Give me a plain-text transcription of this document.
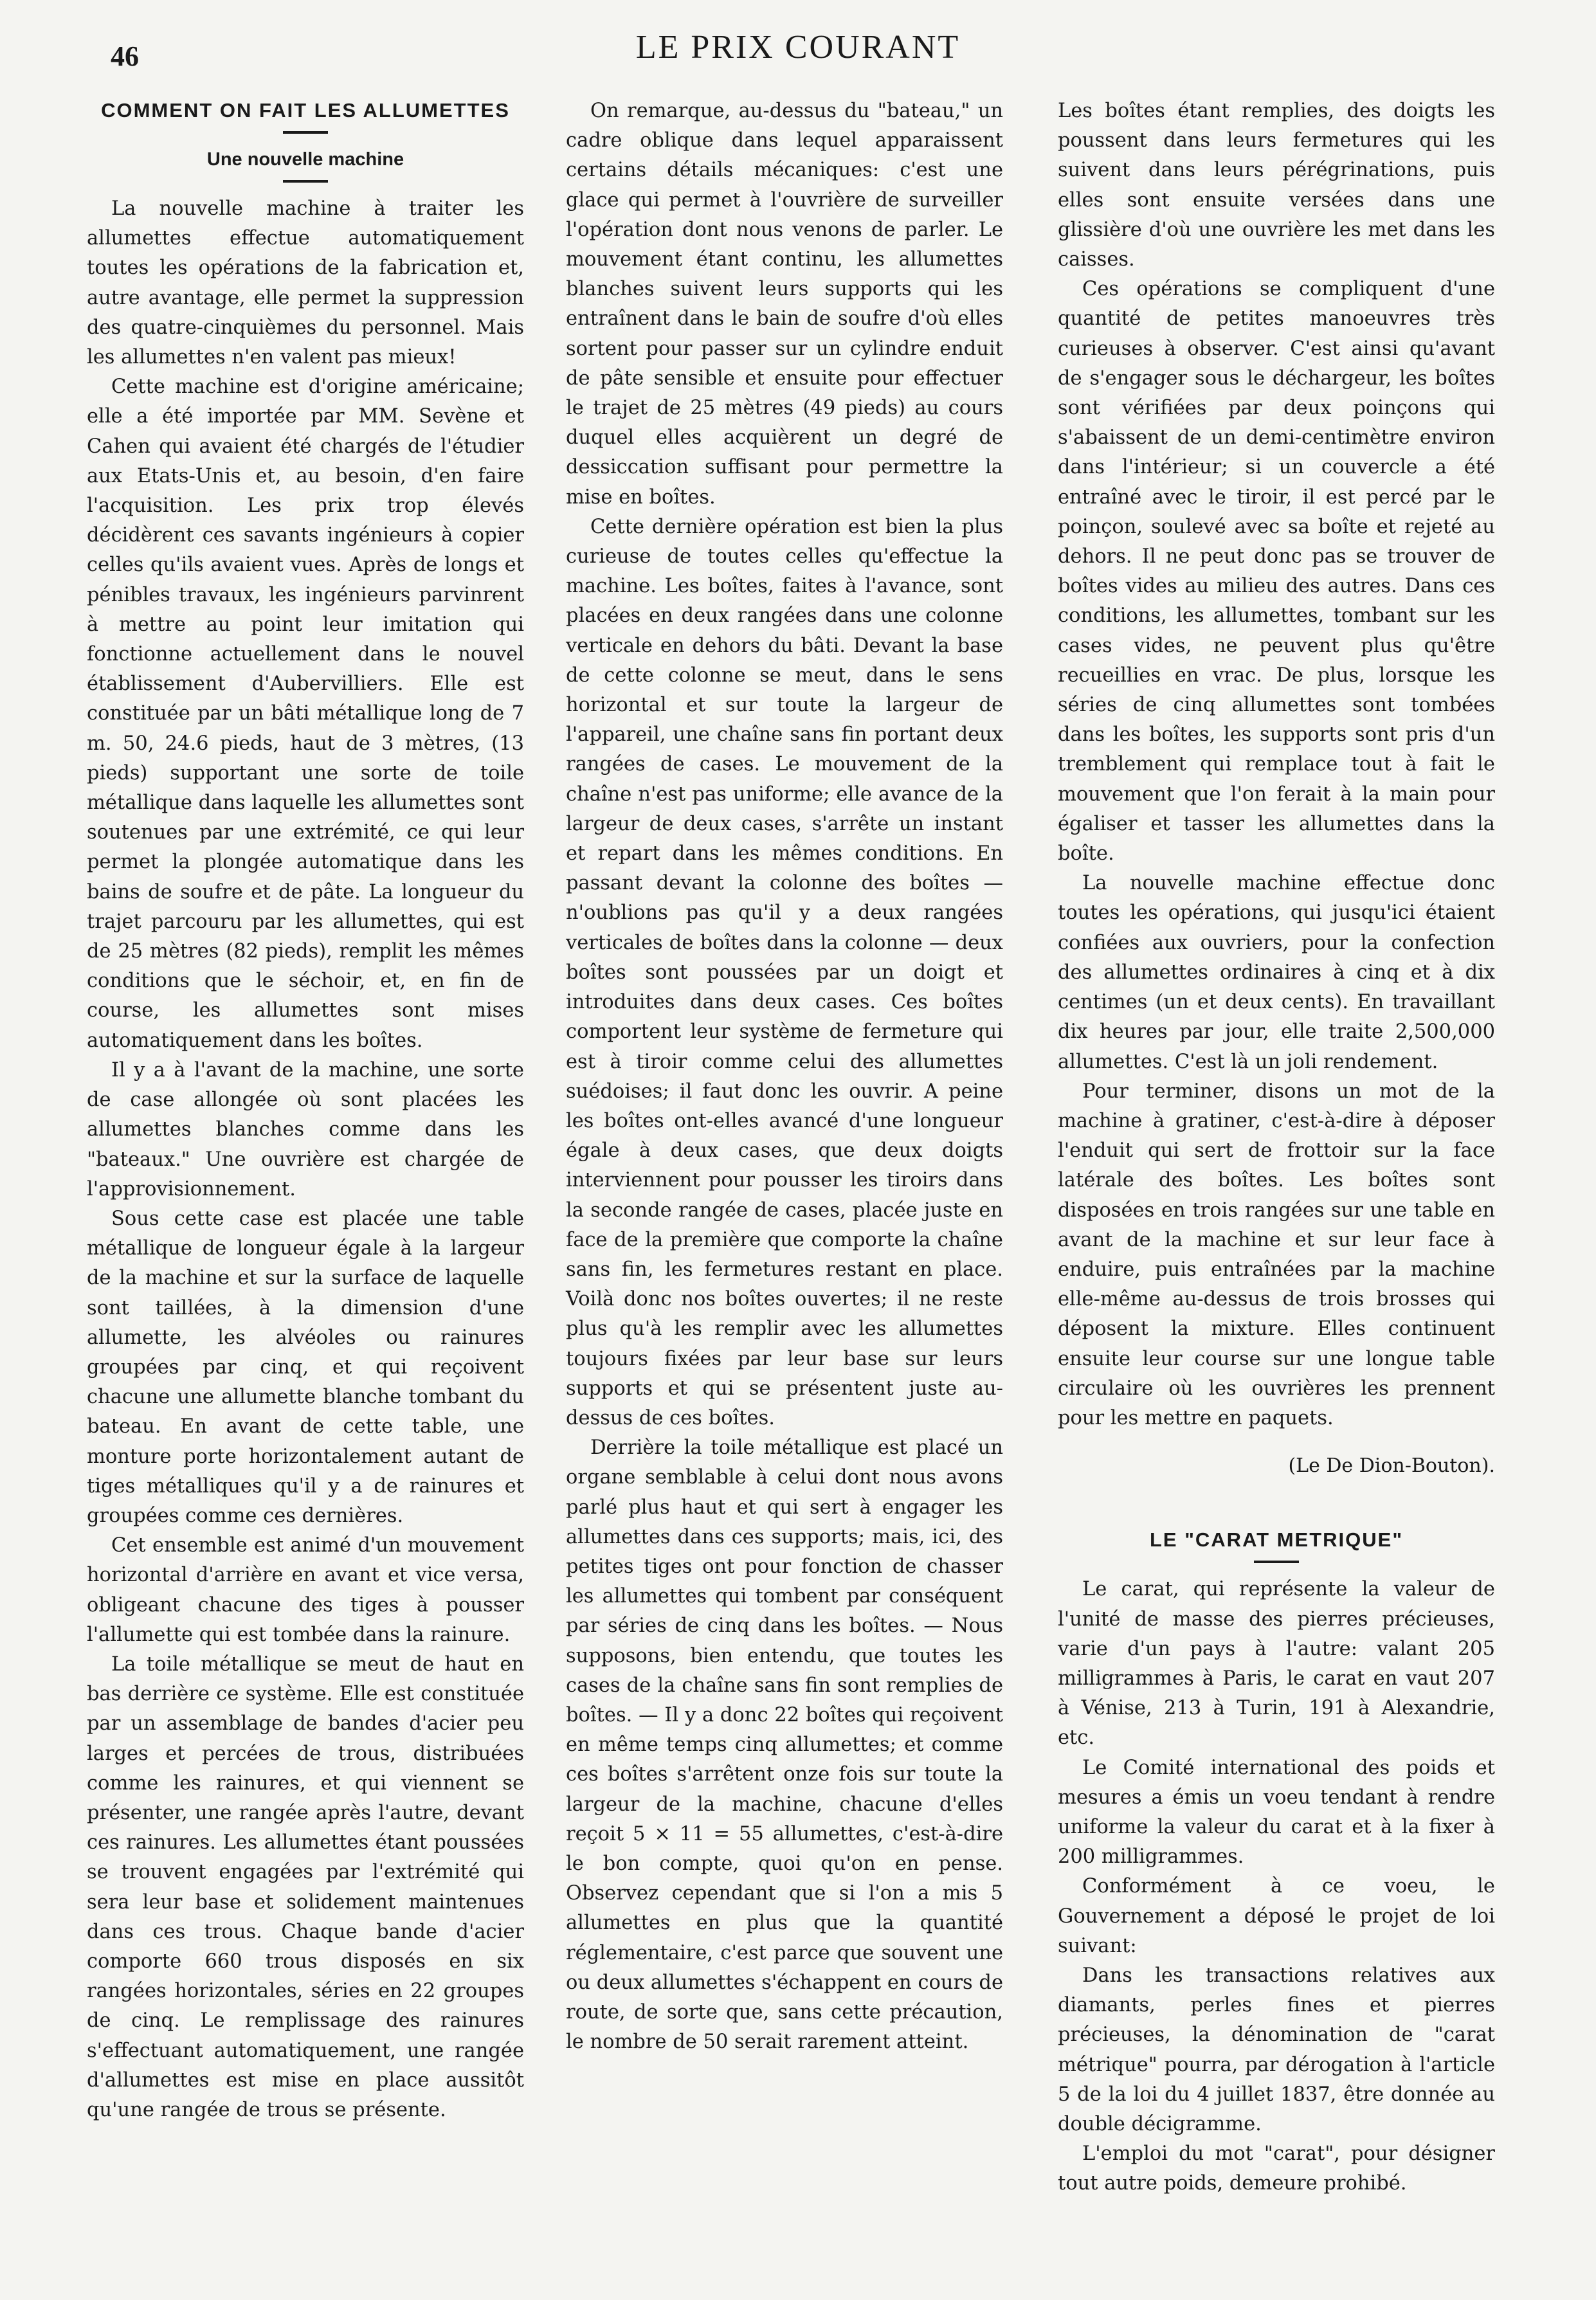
46	LE PRIX COURANT
COMMENT ON FAIT LES ALLUMETTES
Une nouvelle machine

La nouvelle machine à traiter les allumettes effectue automatiquement toutes les opérations de la fabrication et, autre avantage, elle permet la suppression des quatre-cinquièmes du personnel. Mais les allumettes n'en valent pas mieux!

Cette machine est d'origine américaine; elle a été importée par MM. Sevène et Cahen qui avaient été chargés de l'étudier aux Etats-Unis et, au besoin, d'en faire l'acquisition. Les prix trop élevés décidèrent ces savants ingénieurs à copier celles qu'ils avaient vues. Après de longs et pénibles travaux, les ingénieurs parvinrent à mettre au point leur imitation qui fonctionne actuellement dans le nouvel établissement d'Aubervilliers. Elle est constituée par un bâti métallique long de 7 m. 50, 24.6 pieds, haut de 3 mètres, (13 pieds) supportant une sorte de toile métallique dans laquelle les allumettes sont soutenues par une extrémité, ce qui leur permet la plongée automatique dans les bains de soufre et de pâte. La longueur du trajet parcouru par les allumettes, qui est de 25 mètres (82 pieds), remplit les mêmes conditions que le séchoir, et, en fin de course, les allumettes sont mises automatiquement dans les boîtes.

Il y a à l'avant de la machine, une sorte de case allongée où sont placées les allumettes blanches comme dans les "bateaux." Une ouvrière est chargée de l'approvisionnement.

Sous cette case est placée une table métallique de longueur égale à la largeur de la machine et sur la surface de laquelle sont taillées, à la dimension d'une allumette, les alvéoles ou rainures groupées par cinq, et qui reçoivent chacune une allumette blanche tombant du bateau. En avant de cette table, une monture porte horizontalement autant de tiges métalliques qu'il y a de rainures et groupées comme ces dernières.

Cet ensemble est animé d'un mouvement horizontal d'arrière en avant et vice versa, obligeant chacune des tiges à pousser l'allumette qui est tombée dans la rainure.

La toile métallique se meut de haut en bas derrière ce système. Elle est constituée par un assemblage de bandes d'acier peu larges et percées de trous, distribuées comme les rainures, et qui viennent se présenter, une rangée après l'autre, devant ces rainures. Les allumettes étant poussées se trouvent engagées par l'extrémité qui sera leur base et solidement maintenues dans ces trous. Chaque bande d'acier comporte 660 trous disposés en six rangées horizontales, séries en 22 groupes de cinq. Le remplissage des rainures s'effectuant automatiquement, une rangée d'allumettes est mise en place aussitôt qu'une rangée de trous se présente.

On remarque, au-dessus du "bateau," un cadre oblique dans lequel apparaissent certains détails mécaniques: c'est une glace qui permet à l'ouvrière de surveiller l'opération dont nous venons de parler. Le mouvement étant continu, les allumettes blanches suivent leurs supports qui les entraînent dans le bain de soufre d'où elles sortent pour passer sur un cylindre enduit de pâte sensible et ensuite pour effectuer le trajet de 25 mètres (49 pieds) au cours duquel elles acquièrent un degré de dessiccation suffisant pour permettre la mise en boîtes.

Cette dernière opération est bien la plus curieuse de toutes celles qu'effectue la machine. Les boîtes, faites à l'avance, sont placées en deux rangées dans une colonne verticale en dehors du bâti. Devant la base de cette colonne se meut, dans le sens horizontal et sur toute la largeur de l'appareil, une chaîne sans fin portant deux rangées de cases. Le mouvement de la chaîne n'est pas uniforme; elle avance de la largeur de deux cases, s'arrête un instant et repart dans les mêmes conditions. En passant devant la colonne des boîtes — n'oublions pas qu'il y a deux rangées verticales de boîtes dans la colonne — deux boîtes sont poussées par un doigt et introduites dans deux cases. Ces boîtes comportent leur système de fermeture qui est à tiroir comme celui des allumettes suédoises; il faut donc les ouvrir. A peine les boîtes ont-elles avancé d'une longueur égale à deux cases, que deux doigts interviennent pour pousser les tiroirs dans la seconde rangée de cases, placée juste en face de la première que comporte la chaîne sans fin, les fermetures restant en place. Voilà donc nos boîtes ouvertes; il ne reste plus qu'à les remplir avec les allumettes toujours fixées par leur base sur leurs supports et qui se présentent juste au-dessus de ces boîtes.

Derrière la toile métallique est placé un organe semblable à celui dont nous avons parlé plus haut et qui sert à engager les allumettes dans ces supports; mais, ici, des petites tiges ont pour fonction de chasser les allumettes qui tombent par conséquent par séries de cinq dans les boîtes. — Nous supposons, bien entendu, que toutes les cases de la chaîne sans fin sont remplies de boîtes. — Il y a donc 22 boîtes qui reçoivent en même temps cinq allumettes; et comme ces boîtes s'arrêtent onze fois sur toute la largeur de la machine, chacune d'elles reçoit 5 × 11 = 55 allumettes, c'est-à-dire le bon compte, quoi qu'on en pense. Observez cependant que si l'on a mis 5 allumettes en plus que la quantité réglementaire, c'est parce que souvent une ou deux allumettes s'échappent en cours de route, de sorte que, sans cette précaution, le nombre de 50 serait rarement atteint.

Les boîtes étant remplies, des doigts les poussent dans leurs fermetures qui les suivent dans leurs pérégrinations, puis elles sont ensuite versées dans une glissière d'où une ouvrière les met dans les caisses.

Ces opérations se compliquent d'une quantité de petites manoeuvres très curieuses à observer. C'est ainsi qu'avant de s'engager sous le déchargeur, les boîtes sont vérifiées par deux poinçons qui s'abaissent de un demi-centimètre environ dans l'intérieur; si un couvercle a été entraîné avec le tiroir, il est percé par le poinçon, soulevé avec sa boîte et rejeté au dehors. Il ne peut donc pas se trouver de boîtes vides au milieu des autres. Dans ces conditions, les allumettes, tombant sur les cases vides, ne peuvent plus qu'être recueillies en vrac. De plus, lorsque les séries de cinq allumettes sont tombées dans les boîtes, les supports sont pris d'un tremblement qui remplace tout à fait le mouvement que l'on ferait à la main pour égaliser et tasser les allumettes dans la boîte.

La nouvelle machine effectue donc toutes les opérations, qui jusqu'ici étaient confiées aux ouvriers, pour la confection des allumettes ordinaires à cinq et à dix centimes (un et deux cents). En travaillant dix heures par jour, elle traite 2,500,000 allumettes. C'est là un joli rendement.

Pour terminer, disons un mot de la machine à gratiner, c'est-à-dire à déposer l'enduit qui sert de frottoir sur la face latérale des boîtes. Les boîtes sont disposées en trois rangées sur une table en avant de la machine et sur leur face à enduire, puis entraînées par la machine elle-même au-dessus de trois brosses qui déposent la mixture. Elles continuent ensuite leur course sur une longue table circulaire où les ouvrières les prennent pour les mettre en paquets.

(Le De Dion-Bouton).
LE "CARAT METRIQUE"

Le carat, qui représente la valeur de l'unité de masse des pierres précieuses, varie d'un pays à l'autre: valant 205 milligrammes à Paris, le carat en vaut 207 à Vénise, 213 à Turin, 191 à Alexandrie, etc.

Le Comité international des poids et mesures a émis un voeu tendant à rendre uniforme la valeur du carat et à la fixer à 200 milligrammes.

Conformément à ce voeu, le Gouvernement a déposé le projet de loi suivant:

Dans les transactions relatives aux diamants, perles fines et pierres précieuses, la dénomination de "carat métrique" pourra, par dérogation à l'article 5 de la loi du 4 juillet 1837, être donnée au double décigramme.

L'emploi du mot "carat", pour désigner tout autre poids, demeure prohibé.
